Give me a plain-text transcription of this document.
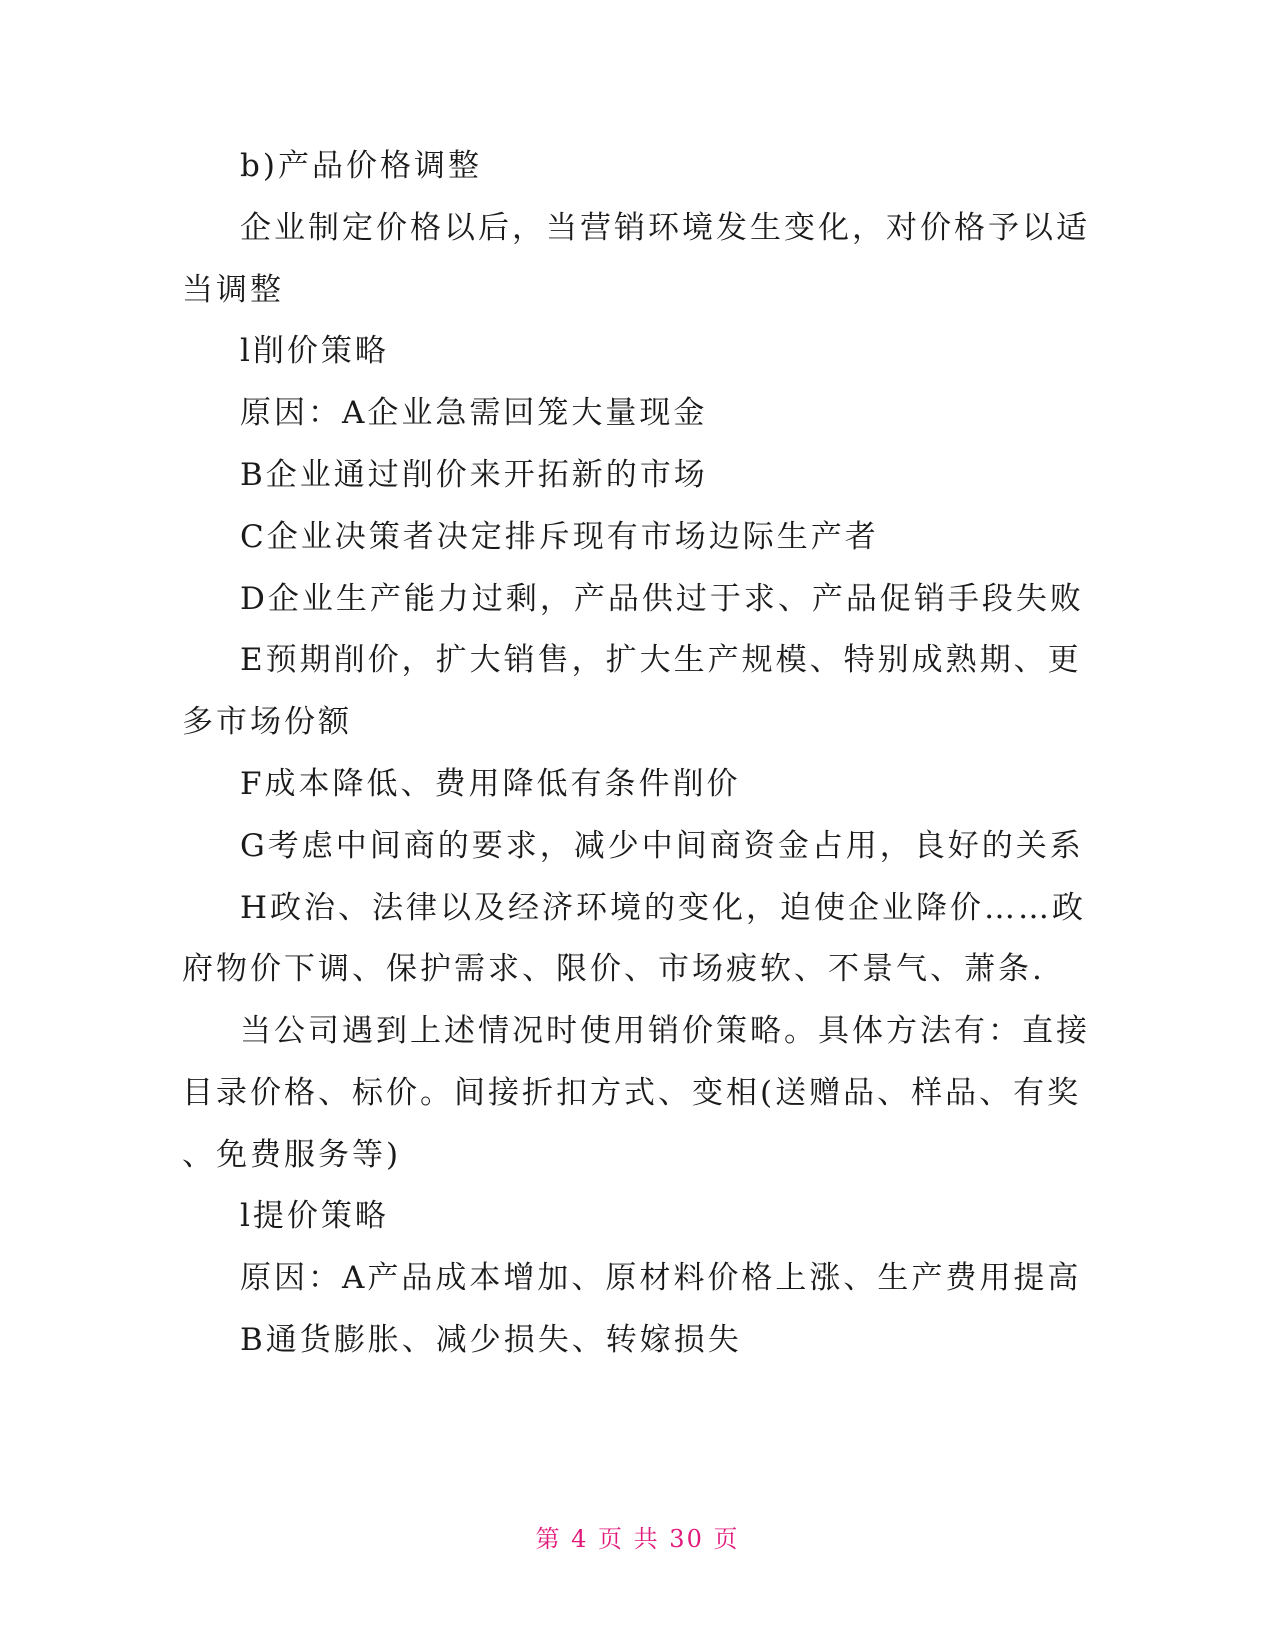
b)产品价格调整
企业制定价格以后，当营销环境发生变化，对价格予以适
当调整
l削价策略
原因：A企业急需回笼大量现金
B企业通过削价来开拓新的市场
C企业决策者决定排斥现有市场边际生产者
D企业生产能力过剩，产品供过于求、产品促销手段失败
E预期削价，扩大销售，扩大生产规模、特别成熟期、更
多市场份额
F成本降低、费用降低有条件削价
G考虑中间商的要求，减少中间商资金占用，良好的关系
H政治、法律以及经济环境的变化，迫使企业降价……政
府物价下调、保护需求、限价、市场疲软、不景气、萧条.
当公司遇到上述情况时使用销价策略。具体方法有：直接
目录价格、标价。间接折扣方式、变相(送赠品、样品、有奖
、免费服务等)
l提价策略
原因：A产品成本增加、原材料价格上涨、生产费用提高
B通货膨胀、减少损失、转嫁损失
第 4 页 共 30 页
